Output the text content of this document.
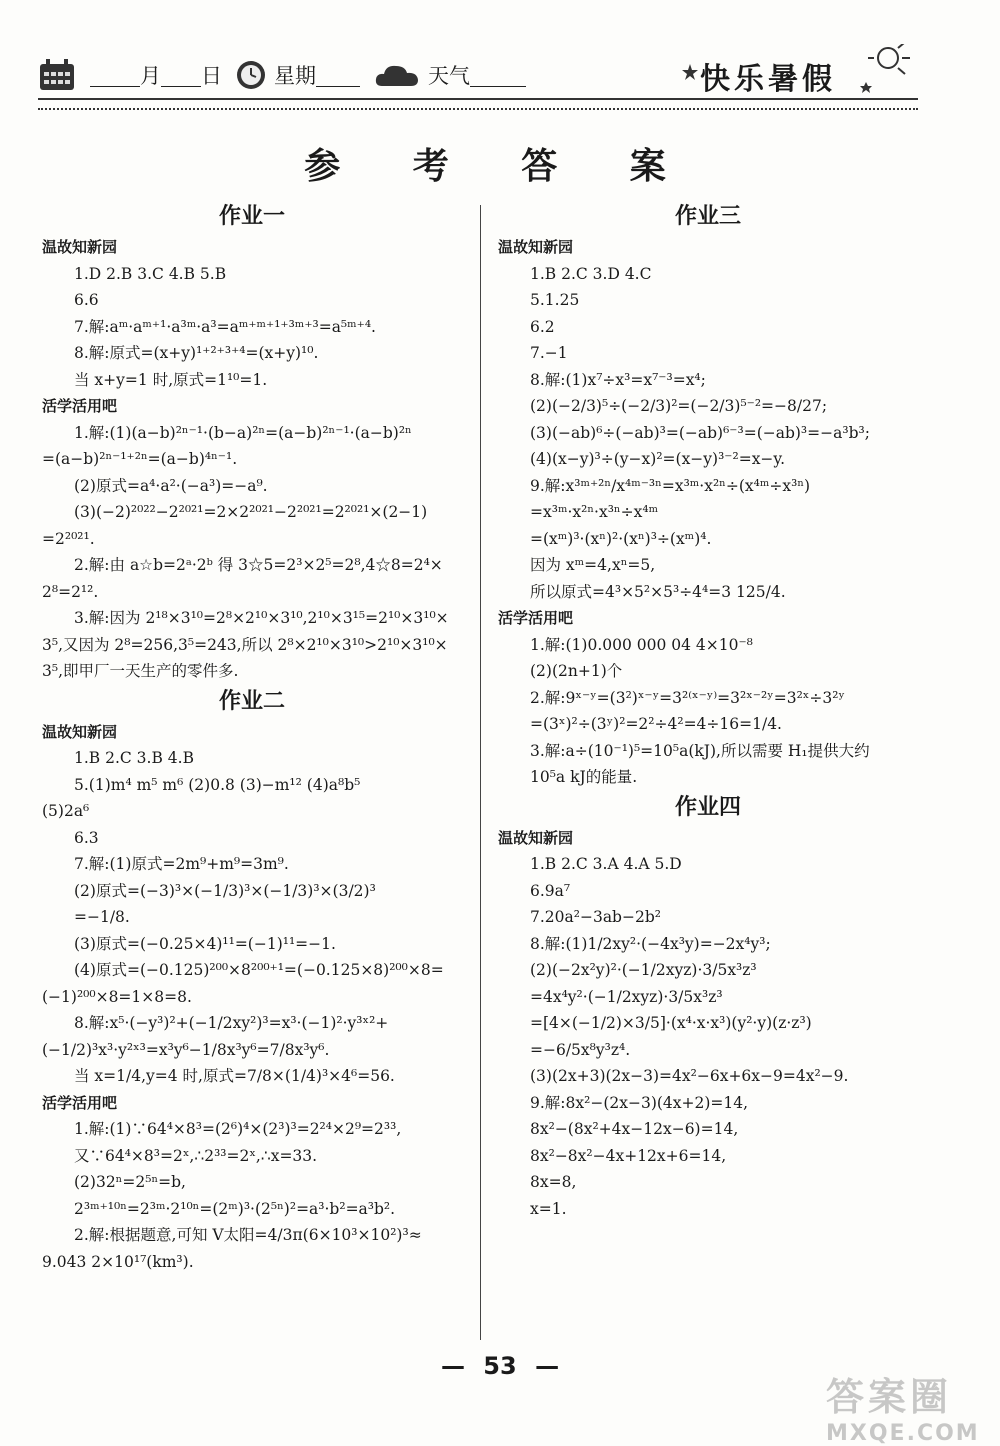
月 日 星期	天气	快乐暑假
参 考 答 案
作业一
温故知新园
1.D 2.B 3.C 4.B 5.B
6.6
7.解:aᵐ·aᵐ⁺¹·a³ᵐ·a³=aᵐ⁺ᵐ⁺¹⁺³ᵐ⁺³=a⁵ᵐ⁺⁴.
8.解:原式=(x+y)¹⁺²⁺³⁺⁴=(x+y)¹⁰.
当 x+y=1 时,原式=1¹⁰=1.
活学活用吧
1.解:(1)(a−b)²ⁿ⁻¹·(b−a)²ⁿ=(a−b)²ⁿ⁻¹·(a−b)²ⁿ
=(a−b)²ⁿ⁻¹⁺²ⁿ=(a−b)⁴ⁿ⁻¹.
(2)原式=a⁴·a²·(−a³)=−a⁹.
(3)(−2)²⁰²²−2²⁰²¹=2×2²⁰²¹−2²⁰²¹=2²⁰²¹×(2−1)
=2²⁰²¹.
2.解:由 a☆b=2ᵃ·2ᵇ 得 3☆5=2³×2⁵=2⁸,4☆8=2⁴×
2⁸=2¹².
3.解:因为 2¹⁸×3¹⁰=2⁸×2¹⁰×3¹⁰,2¹⁰×3¹⁵=2¹⁰×3¹⁰×
3⁵,又因为 2⁸=256,3⁵=243,所以 2⁸×2¹⁰×3¹⁰>2¹⁰×3¹⁰×
3⁵,即甲厂一天生产的零件多.
作业二
温故知新园
1.B 2.C 3.B 4.B
5.(1)m⁴ m⁵ m⁶ (2)0.8 (3)−m¹² (4)a⁸b⁵
(5)2a⁶
6.3
7.解:(1)原式=2m⁹+m⁹=3m⁹.
(2)原式=(−3)³×(−1/3)³×(−1/3)³×(3/2)³
=−1/8.
(3)原式=(−0.25×4)¹¹=(−1)¹¹=−1.
(4)原式=(−0.125)²⁰⁰×8²⁰⁰⁺¹=(−0.125×8)²⁰⁰×8=
(−1)²⁰⁰×8=1×8=8.
8.解:x⁵·(−y³)²+(−1/2xy²)³=x³·(−1)²·y³ˣ²+
(−1/2)³x³·y²ˣ³=x³y⁶−1/8x³y⁶=7/8x³y⁶.
当 x=1/4,y=4 时,原式=7/8×(1/4)³×4⁶=56.
活学活用吧
1.解:(1)∵64⁴×8³=(2⁶)⁴×(2³)³=2²⁴×2⁹=2³³,
又∵64⁴×8³=2ˣ,∴2³³=2ˣ,∴x=33.
(2)32ⁿ=2⁵ⁿ=b,
2³ᵐ⁺¹⁰ⁿ=2³ᵐ·2¹⁰ⁿ=(2ᵐ)³·(2⁵ⁿ)²=a³·b²=a³b².
2.解:根据题意,可知 V太阳=4/3π(6×10³×10²)³≈
9.043 2×10¹⁷(km³).
作业三
温故知新园
1.B 2.C 3.D 4.C
5.1.25
6.2
7.−1
8.解:(1)x⁷÷x³=x⁷⁻³=x⁴;
(2)(−2/3)⁵÷(−2/3)²=(−2/3)⁵⁻²=−8/27;
(3)(−ab)⁶÷(−ab)³=(−ab)⁶⁻³=(−ab)³=−a³b³;
(4)(x−y)³÷(y−x)²=(x−y)³⁻²=x−y.
9.解:x³ᵐ⁺²ⁿ/x⁴ᵐ⁻³ⁿ=x³ᵐ·x²ⁿ÷(x⁴ᵐ÷x³ⁿ)
=x³ᵐ·x²ⁿ·x³ⁿ÷x⁴ᵐ
=(xᵐ)³·(xⁿ)²·(xⁿ)³÷(xᵐ)⁴.
因为 xᵐ=4,xⁿ=5,
所以原式=4³×5²×5³÷4⁴=3 125/4.
活学活用吧
1.解:(1)0.000 000 04 4×10⁻⁸
(2)(2n+1)个
2.解:9ˣ⁻ʸ=(3²)ˣ⁻ʸ=3²⁽ˣ⁻ʸ⁾=3²ˣ⁻²ʸ=3²ˣ÷3²ʸ
=(3ˣ)²÷(3ʸ)²=2²÷4²=4÷16=1/4.
3.解:a÷(10⁻¹)⁵=10⁵a(kJ),所以需要 H₁提供大约
10⁵a kJ的能量.
作业四
温故知新园
1.B 2.C 3.A 4.A 5.D
6.9a⁷
7.20a²−3ab−2b²
8.解:(1)1/2xy²·(−4x³y)=−2x⁴y³;
(2)(−2x²y)²·(−1/2xyz)·3/5x³z³
=4x⁴y²·(−1/2xyz)·3/5x³z³
=[4×(−1/2)×3/5]·(x⁴·x·x³)(y²·y)(z·z³)
=−6/5x⁸y³z⁴.
(3)(2x+3)(2x−3)=4x²−6x+6x−9=4x²−9.
9.解:8x²−(2x−3)(4x+2)=14,
8x²−(8x²+4x−12x−6)=14,
8x²−8x²−4x+12x+6=14,
8x=8,
x=1.
— 53 —
答案圈
MXQE.COM
